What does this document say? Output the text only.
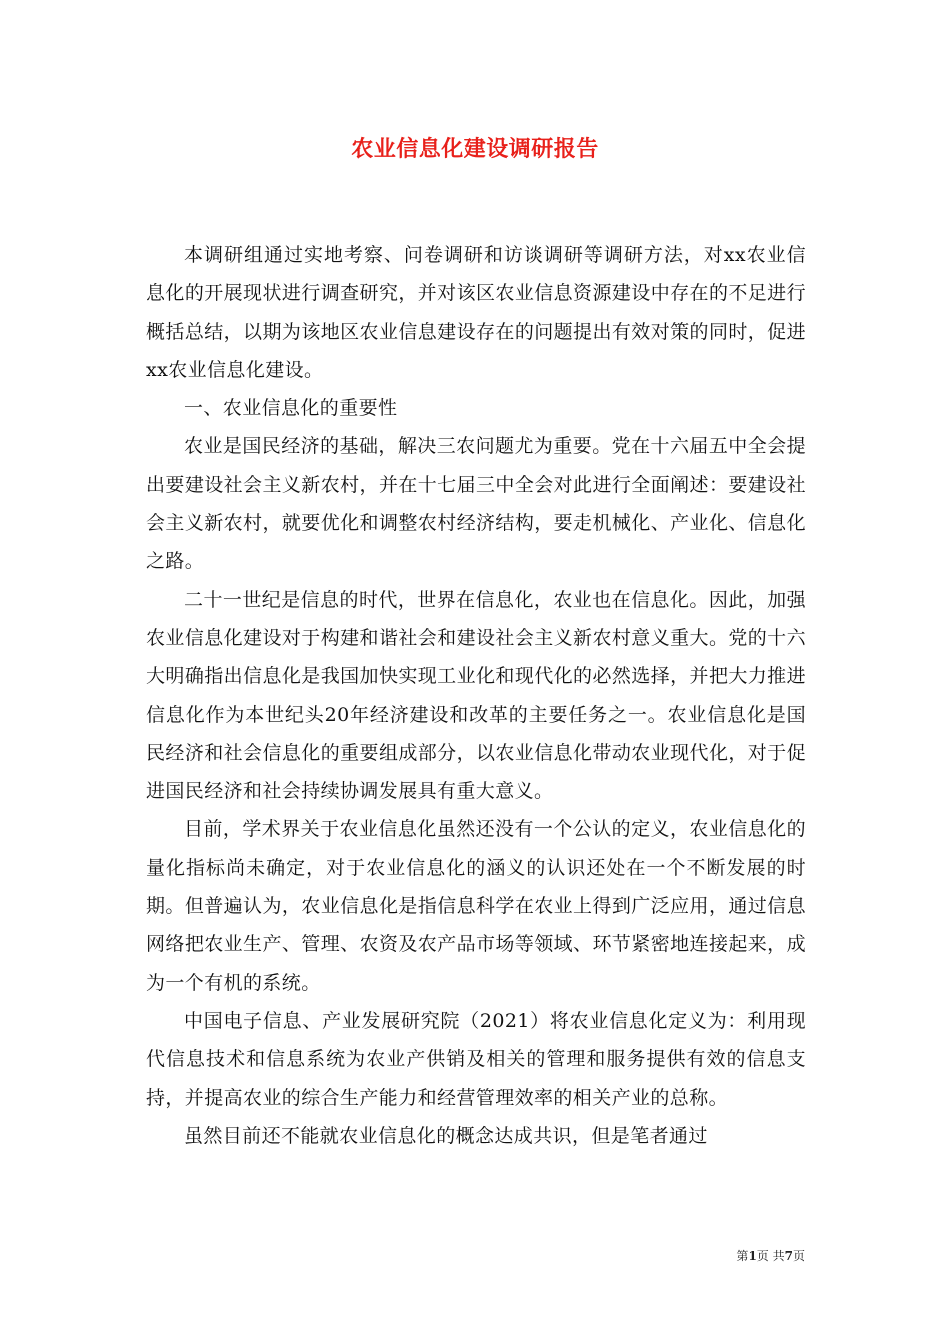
农业信息化建设调研报告

本调研组通过实地考察、问卷调研和访谈调研等调研方法，对xx农业信息化的开展现状进行调查研究，并对该区农业信息资源建设中存在的不足进行概括总结，以期为该地区农业信息建设存在的问题提出有效对策的同时，促进xx农业信息化建设。

一、农业信息化的重要性

农业是国民经济的基础，解决三农问题尤为重要。党在十六届五中全会提出要建设社会主义新农村，并在十七届三中全会对此进行全面阐述：要建设社会主义新农村，就要优化和调整农村经济结构，要走机械化、产业化、信息化之路。

二十一世纪是信息的时代，世界在信息化，农业也在信息化。因此，加强农业信息化建设对于构建和谐社会和建设社会主义新农村意义重大。党的十六大明确指出信息化是我国加快实现工业化和现代化的必然选择，并把大力推进信息化作为本世纪头20年经济建设和改革的主要任务之一。农业信息化是国民经济和社会信息化的重要组成部分，以农业信息化带动农业现代化，对于促进国民经济和社会持续协调发展具有重大意义。

目前，学术界关于农业信息化虽然还没有一个公认的定义，农业信息化的量化指标尚未确定，对于农业信息化的涵义的认识还处在一个不断发展的时期。但普遍认为，农业信息化是指信息科学在农业上得到广泛应用，通过信息网络把农业生产、管理、农资及农产品市场等领域、环节紧密地连接起来，成为一个有机的系统。

中国电子信息、产业发展研究院（2021）将农业信息化定义为：利用现代信息技术和信息系统为农业产供销及相关的管理和服务提供有效的信息支持，并提高农业的综合生产能力和经营管理效率的相关产业的总称。

虽然目前还不能就农业信息化的概念达成共识，但是笔者通过

第1页 共7页
